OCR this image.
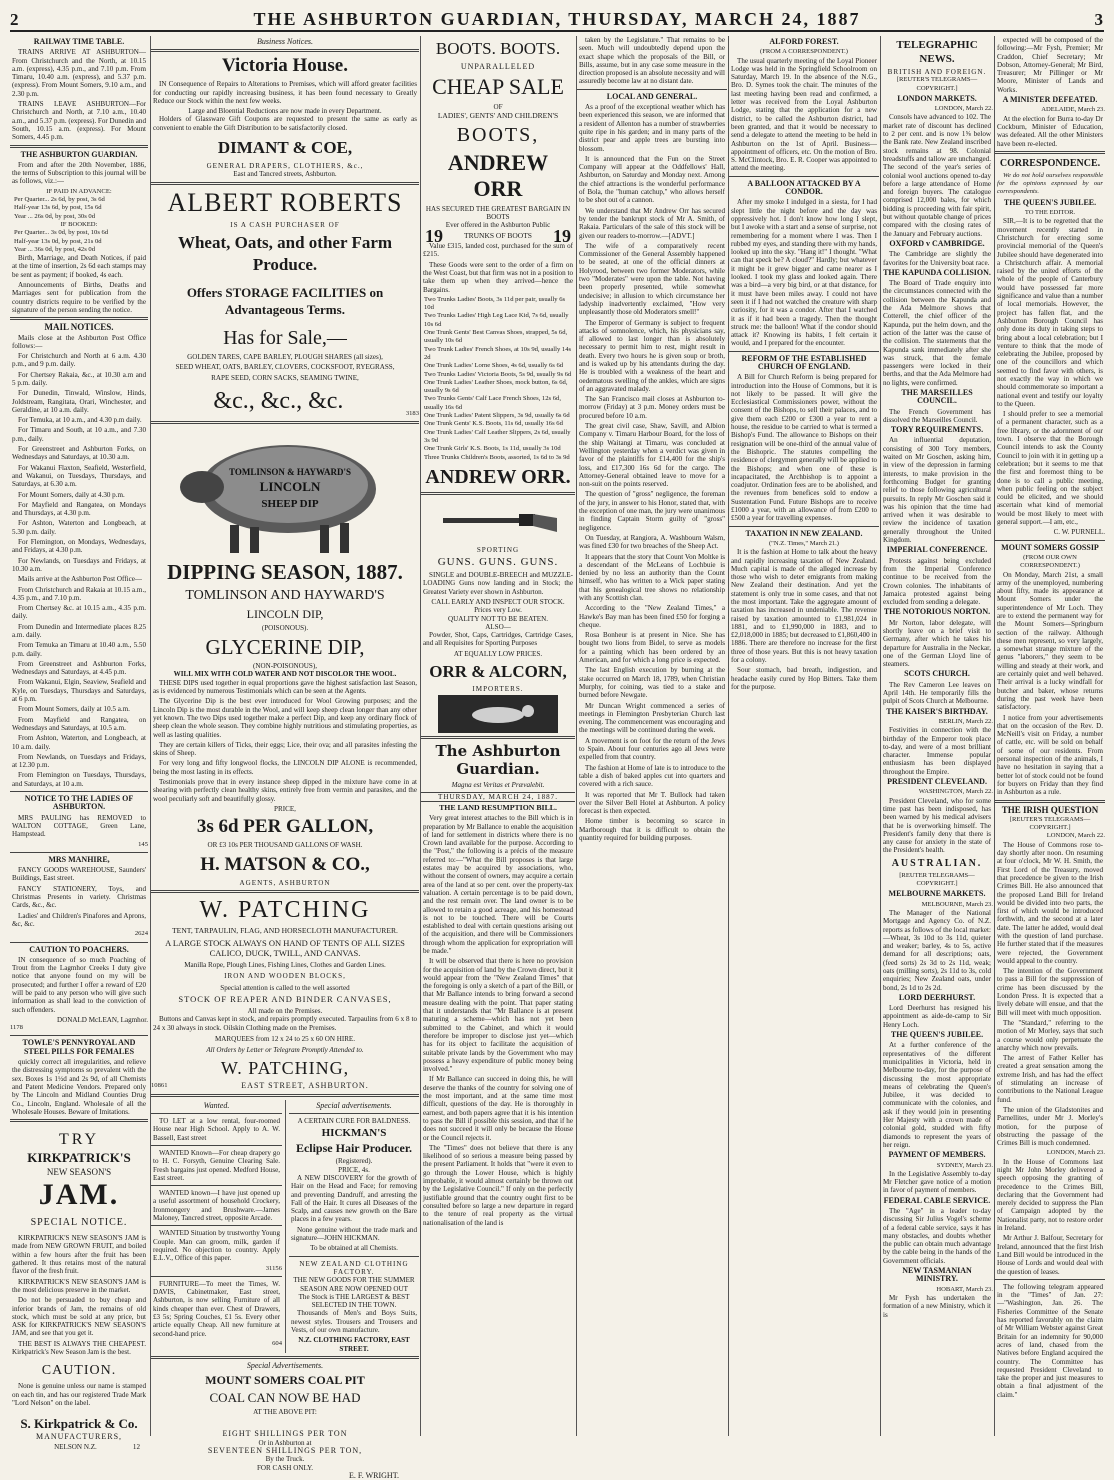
2	THE ASHBURTON GUARDIAN, THURSDAY, MARCH 24, 1887	3
RAILWAY TIME TABLE.
TRAINS ARRIVE AT ASHBURTON—From Christchurch and the North, at 10.15 a.m. (express), 4.35 p.m., and 7.10 p.m. From Timaru, 10.40 a.m. (express), and 5.37 p.m. (express). From Mount Somers, 9.10 a.m., and 2.30 p.m.
TRAINS LEAVE ASHBURTON—For Christchurch and North, at 7.10 a.m., 10.40 a.m., and 5.37 p.m. (express). For Dunedin and South, 10.15 a.m. (express). For Mount Somers, 4.45 p.m.
THE ASHBURTON GUARDIAN.
From and after the 20th November, 1886, the terms of Subscription to this journal will be as follows, viz.:—
IF PAID IN ADVANCE:
Per Quarter... 2s 6d, by post, 3s 6d
Half-year 13s 6d, by post, 15s 6d
Year ... 26s 0d, by post, 30s 0d
IF BOOKED:
Per Quarter... 3s 0d, by post, 10s 6d
Half-year 13s 0d, by post, 21s 0d
Year ... 36s 0d, by post, 42s 0d
Birth, Marriage, and Death Notices, if paid at the time of insertion, 2s 6d each stamps may be sent as payment; if booked, 4s each.
Announcements of Births, Deaths and Marriages sent for publication from the country districts require to be verified by the signature of the person sending the notice.
MAIL NOTICES.
Mails close at the Ashburton Post Office follows:—
For Christchurch and North at 6 a.m. 4.30 p.m., and 9 p.m. daily.
For Chertsey Rakaia, &c., at 10.30 a.m and 5 p.m. daily.
For Dunedin, Tinwald, Winslow, Hinds, Joldstream, Rangitata, Orari, Winchester, and Geraldine, at 10 a.m. daily.
For Temuka, at 10 a.m., and 4.30 p.m daily.
For Timaru and South, at 10 a.m., and 7.30 p.m., daily.
For Greenstreet and Ashburton Forks, on Wednesdays and Saturdays, at 10.30 a.m.
For Wakanui Flaxton, Seafield, Westerfield, and Wakanui, on Tuesdays, Thursdays, and Saturdays, at 6.30 a.m.
For Mount Somers, daily at 4.30 p.m.
For Mayfield and Rangatea, on Mondays and Thursdays, at 4.30 p.m.
For Ashton, Waterton and Longbeach, at 5.30 p.m. daily.
For Flemington, on Mondays, Wednesdays, and Fridays, at 4.30 p.m.
For Newlands, on Tuesdays and Fridays, at 10.30 a.m.
Mails arrive at the Ashburton Post Office—
From Christchurch and Rakaia at 10.15 a.m., 4.35 p.m., and 7.10 p.m.
From Chertsey &c. at 10.15 a.m., 4.35 p.m. daily.
From Dunedin and Intermediate places 8.25 a.m. daily.
From Temuka an Timaru at 10.40 a.m., 5.50 p.m. daily.
From Greenstreet and Ashburton Forks, Wednesdays and Saturdays, at 4.45 p.m.
From Wakanui, Elgin, Seaview, Seafield and Kyle, on Tuesdays, Thursdays and Saturdays, at 6 p.m.
From Mount Somers, daily at 10.5 a.m.
From Mayfield and Rangatea, on Wednesdays and Saturdays, at 10.5 a.m.
From Ashton, Waterton, and Longbeach, at 10 a.m. daily.
From Newlands, on Tuesdays and Fridays, at 12.30 p.m.
From Flemington on Tuesdays, Thursdays, and Saturdays, at 10 a.m.
NOTICE TO THE LADIES OF ASHBURTON.
MRS PAULING has REMOVED to WALTON COTTAGE, Green Lane, Hampstead.
145
MRS MANHIRE,
FANCY GOODS WAREHOUSE, Saunders' Buildings, East street.
FANCY STATIONERY, Toys, and Christmas Presents in variety. Christmas Cards, &c., &c.
Ladies' and Children's Pinafores and Aprons, &c, &c.
2624
CAUTION TO POACHERS.
IN consequence of so much Poaching of Trout from the Lagmhor Creeks I duty give notice that anyone found on my will be prosecuted; and further I offer a reward of £20 will be paid to any person who will give such information as shall lead to the conviction of such offenders.
DONALD McLEAN, Lagmhor.
1178
TOWLE'S PENNYROYAL AND STEEL PILLS FOR FEMALES
quickly correct all irregularities, and relieve the distressing symptoms so prevalent with the sex. Boxes 1s 1½d and 2s 9d, of all Chemists and Patent Medicine Vendors. Prepared only by The Lincoln and Midland Counties Drug Co., Lincoln, England. Wholesale of all the Wholesale Houses. Beware of Imitations.
TRY
KIRKPATRICK'S
NEW SEASON'S
JAM.
SPECIAL NOTICE.
KIRKPATRICK'S NEW SEASON'S JAM is made from NEW GROWN FRUIT, and boiled within a few hours after the fruit has been gathered. It thus retains most of the natural flavor of the fresh fruit.
KIRKPATRICK'S NEW SEASON'S JAM is the most delicious preserve in the market.
Do not be persuaded to buy cheap and inferior brands of Jam, the remains of old stock, which must be sold at any price, but ASK for KIRKPATRICK'S NEW SEASON'S JAM, and see that you get it.
THE BEST IS ALWAYS THE CHEAPEST. Kirkpatrick's New Season Jam is the best.
CAUTION.
None is genuine unless our name is stamped on each tin, and has our registered Trade Mark "Lord Nelson" on the label.
S. Kirkpatrick & Co.
MANUFACTURERS,
NELSON N.Z.	12
Business Notices.
Victoria House.
IN Consequence of Repairs to Alterations to Premises, which will afford greater facilities for conducting our rapidly increasing business, it has been found necessary to Greatly Reduce our Stock within the next few weeks.
Large and Bloential Reductions are now made in every Department.
Holders of Glassware Gift Coupons are requested to present the same as early as convenient to enable the Gift Distribution to be satisfactorily closed.
DIMANT & COE,
GENERAL DRAPERS, CLOTHIERS, &c.,
East and Tancred streets, Ashburton.
ALBERT ROBERTS
IS A CASH PURCHASER OF
Wheat, Oats, and other Farm Produce.
Offers STORAGE FACILITIES on Advantageous Terms.
Has for Sale,—
GOLDEN TARES, CAPE BARLEY, PLOUGH SHARES (all sizes),
SEED WHEAT, OATS, BARLEY, CLOVERS, COCKSFOOT, RYEGRASS,
RAPE SEED, CORN SACKS, SEAMING TWINE,
&c., &c., &c.	3183
TOMLINSON & HAYWARD'S
LINCOLN
SHEEP DIP
DIPPING SEASON, 1887.
TOMLINSON AND HAYWARD'S
LINCOLN DIP,
(POISONOUS).
GLYCERINE DIP,
(NON-POISONOUS),
WILL MIX WITH COLD WATER AND NOT DISCOLOR THE WOOL.
THESE DIPS used together in equal proportions gave the highest satisfaction last Season, as is evidenced by numerous Testimonials which can be seen at the Agents.
The Glycerine Dip is the best ever introduced for Wool Growing purposes; and the Lincoln Dip is the most durable in the Wool, and will keep sheep clean longer than any other yet known. The two Dips used together make a perfect Dip, and keep any ordinary flock of sheep clean the whole season. They combine highly nutritious and stimulating properties, as well as lasting qualities.
They are certain killers of Ticks, their eggs; Lice, their ova; and all parasites infesting the skins of Sheep.
For very long and fifty longwool flocks, the LINCOLN DIP ALONE is recommended, being the most lasting in its effects.
Testimonials prove that in every instance sheep dipped in the mixture have come in at shearing with perfectly clean healthy skins, entirely free from vermin and parasites, and the wool peculiarly soft and beautifully glossy.
PRICE,
3s 6d PER GALLON,
OR £3 10s PER THOUSAND GALLONS OF WASH.
H. MATSON & CO.,
AGENTS, ASHBURTON
W. PATCHING
TENT, TARPAULIN, FLAG, AND HORSECLOTH MANUFACTURER.
A LARGE STOCK ALWAYS ON HAND OF TENTS OF ALL SIZES CALICO, DUCK, TWILL, AND CANVAS.
Manilla Rope, Plough Lines, Fishing Lines, Clothes and Garden Lines.
IRON AND WOODEN BLOCKS,
Special attention is called to the well assorted
STOCK OF REAPER AND BINDER CANVASES,
All made on the Premises.
Buttons and Canvas kept in stock, and repairs promptly executed. Tarpaulins from 6 x 8 to 24 x 30 always in stock. Oilskin Clothing made on the Premises.
MARQUEES from 12 x 24 to 25 x 60 ON HIRE.
All Orders by Letter or Telegram Promptly Attended to.
W. PATCHING,
10861	EAST STREET, ASHBURTON.
Wanted.
TO LET at a low rental, four-roomed House near High School. Apply to A. W. Bassell, East street
WANTED Known—For cheap drapery go to H. C. Forsyth, Genuine Clearing Sale. Fresh bargains just opened. Medford House, East street.
WANTED known—I have just opened up a useful assortment of household Crockery, Ironmongery and Brushware.—James Maloney, Tancred street, opposite Arcade.
WANTED Situation by trustworthy Young Couple. Man can groom, milk, garden if required. No objection to country. Apply E.L.V., Office of this paper.
31156
FURNITURE—To meet the Times, W. DAVIS, Cabinetmaker, East street, Ashburton, is now selling Furniture of all kinds cheaper than ever. Chest of Drawers, £3 5s; Spring Couches, £1 5s. Every other article equally Cheap. All new furniture at second-hand price.
604
Special advertisements.
A CERTAIN CURE FOR BALDNESS.
HICKMAN'S
Eclipse Hair Producer.
(Registered).
PRICE, 4s.
A NEW DISCOVERY for the growth of Hair on the Head and Face; for removing and preventing Dandruff, and arresting the Fall of the Hair. It cures all Diseases of the Scalp, and causes new growth on the Bare places in a few years.
None genuine without the trade mark and signature—JOHN HICKMAN.
To be obtained at all Chemists.
NEW ZEALAND CLOTHING FACTORY.
THE NEW GOODS FOR THE SUMMER SEASON ARE NOW OPENED OUT
The Stock is THE LARGEST & BEST SELECTED IN THE TOWN.
Thousands of Men's and Boys Suits, newest styles. Trousers and Trousers and Vests, of our own manufacture.
N.Z. CLOTHING FACTORY, EAST STREET.
Special Advertisements.
MOUNT SOMERS COAL PIT
COAL CAN NOW BE HAD
AT THE ABOVE PIT:
EIGHT SHILLINGS PER TON
Or in Ashburton at
SEVENTEEN SHILLINGS PER TON,
By the Truck.
FOR CASH ONLY.
E. F. WRIGHT.
BOOTS. BOOTS.
UNPARALLELED
CHEAP SALE
OF
LADIES', GENTS' AND CHILDREN'S
BOOTS,
ANDREW ORR
HAS SECURED THE GREATEST BARGAIN IN BOOTS
Ever offered in the Ashburton Public
19	TRUNKS OF BOOTS 19
Value £315, landed cost, purchased for the sum of £215.
These Goods were sent to the order of a firm on the West Coast, but that firm was not in a position to take them up when they arrived—hence the Bargains.
Two Trunks Ladies' Boots, 3s 11d per pair, usually 6s 10d
Two Trunks Ladies' High Leg Lace Kid, 7s 6d, usually 10s 6d
One Trunk Gents' Best Canvas Shoes, strapped, 5s 6d, usually 10s 6d
Two Trunk Ladies' French Shoes, at 10s 9d, usually 14s 2d
One Trunk Ladies' Lorne Shoes, 4s 6d, usually 6s 6d
Two Trunks Ladies' Victoria Boots, 5s 9d, usually 9s 6d
One Trunk Ladies' Leather Shoes, mock button, 6s 6d, usually 9s 6d
Two Trunks Gents' Calf Lace French Shoes, 12s 6d, usually 16s 6d
One Trunk Ladies' Patent Slippers, 3s 9d, usually 6s 6d
One Trunk Gents' K.S. Boots, 11s 6d, usually 16s 6d
One Trunk Ladies' Calf Leather Slippers, 2s 6d, usually 3s 9d
One Trunk Girls' K.S. Boots, 1s 11d, usually 3s 10d
Three Trunks Children's Boots, assorted, 1s 6d to 3s 9d
ANDREW ORR.
SPORTING
GUNS. GUNS. GUNS.
SINGLE and DOUBLE-BREECH and MUZZLE-LOADING Guns now landing and in Stock; the Greatest Variety ever shown in Ashburton.
CALL EARLY AND INSPECT OUR STOCK.
Prices very Low.
QUALITY NOT TO BE BEATEN.
ALSO—
Powder, Shot, Caps, Cartridges, Cartridge Cases, and all Requisites for Sporting Purposes
AT EQUALLY LOW PRICES.
ORR & ALCORN,
IMPORTERS.
The Ashburton Guardian.
Magna est Veritas et Prævalebit.
THURSDAY, MARCH 24, 1887.
THE LAND RESUMPTION BILL.
Very great interest attaches to the Bill which is in preparation by Mr Ballance to enable the acquisition of land for settlement in districts where there is no Crown land available for the purpose. According to the "Post," the following is a précis of the measure referred to:—"What the Bill proposes is that large estates may be acquired by associations, who, without the consent of owners, may acquire a certain area of the land at so per cent. over the property-tax valuation. A certain percentage is to be paid down, and the rest remain over. The land owner is to be allowed to retain a good acreage, and his homestead is not to be touched. There will be Courts established to deal with certain questions arising out of the acquisition, and there will be Commissioners through whom the application for expropriation will be made."
It will be observed that there is here no provision for the acquisition of land by the Crown direct, but it would appear from the "New Zealand Times" that the foregoing is only a sketch of a part of the Bill, or that Mr Ballance intends to bring forward a second measure dealing with the point. That paper stating that it understands that "Mr Ballance is at present maturing a scheme—which has not yet been submitted to the Cabinet, and which it would therefore be improper to disclose just yet—which has for its object to facilitate the acquisition of suitable private lands by the Government who may possess a heavy expenditure of public money being involved."
If Mr Ballance can succeed in doing this, he will deserve the thanks of the country for solving one of the most important, and at the same time most difficult, questions of the day. He is thoroughly in earnest, and both papers agree that it is his intention to pass the Bill if possible this session, and that if he does not succeed it will only be because the House or the Council rejects it.
The "Times" does not believe that there is any likelihood of so serious a measure being passed by the present Parliament. It holds that "were it even to go through the Lower House, which is highly improbable, it would almost certainly be thrown out by the Legislative Council." If only on the perfectly justifiable ground that the country ought first to be consulted before so large a new departure in regard to the tenure of real property as the virtual nationalisation of the land is
taken by the Legislature." That remains to be seen. Much will undoubtedly depend upon the exact shape which the proposals of the Bill, or Bills, assume, but in any case some measure in the direction proposed is an absolute necessity and will assuredly become law at no distant date.
LOCAL AND GENERAL.
As a proof of the exceptional weather which has been experienced this season, we are informed that a resident of Allenton has a number of strawberries quite ripe in his garden; and in many parts of the district pear and apple trees are bursting into blossom.
It is announced that the Fun on the Street Company will appear at the Oddfellows' Hall, Ashburton, on Saturday and Monday next. Among the chief attractions is the wonderful performance of Bola, the "human catchup," who allows herself to be shot out of a cannon.
We understand that Mr Andrew Orr has secured by tender the bankrupt stock of Mr A. Smith, of Rakaia. Particulars of the sale of this stock will be given our readers to-morrow.—[ADVT.]
The wife of a comparatively recent Commissioner of the General Assembly happened to be seated, at one of the official dinners at Holyrood, between two former Moderators, while two "Moderates" were upon the table. Not having been properly presented, while somewhat undecisive; in allusion to which circumstance her ladyship inadvertently exclaimed, "How very unpleasantly those old Moderators smell!"
The Emperor of Germany is subject to frequent attacks of somnolence, which, his physicians say, if allowed to last longer than is absolutely necessary to permit him to rest, might result in death. Every two hours he is given soup or broth, and is waked up by his attendants during the day. He is troubled with a weakness of the heart and oedematous swelling of the ankles, which are signs of an aggravated malady.
The San Francisco mail closes at Ashburton to-morrow (Friday) at 3 p.m. Money orders must be procured before 10 a.m.
The great civil case, Shaw, Savill, and Albion Company v. Timaru Harbour Board, for the loss of the ship Waitangi at Timaru, was concluded at Wellington yesterday when a verdict was given in favor of the plaintiffs for £14,400 for the ship's loss, and £17,300 16s 6d for the cargo. The Attorney-General obtained leave to move for a non-suit on the points reserved.
The question of "gross" negligence, the foreman of the jury, in answer to his Honor, stated that, with the exception of one man, the jury were unanimous in finding Captain Storm guilty of "gross" negligence.
On Tuesday, at Rangiora, A. Washbourn Walsm, was fined £30 for two breaches of the Sheep Act.
It appears that the story that Count Von Moltke is a descendant of the McLeans of Lochbuie is denied by no less an authority than the Count himself, who has written to a Wick paper stating that his genealogical tree shows no relationship with any Scottish clan.
According to the "New Zealand Times," a Hawke's Bay man has been fined £50 for forging a cheque.
Rosa Bonheur is at present in Nice. She has bought two lions from Bidel, to serve as models for a painting which has been ordered by an American, and for which a long price is expected.
The last English execution by burning at the stake occurred on March 18, 1789, when Christian Murphy, for coining, was tied to a stake and burned before Newgate.
Mr Duncan Wright commenced a series of meetings in Flemington Presbyterian Church last evening. The commencement was encouraging and the meetings will be continued during the week.
A movement is on foot for the return of the Jews to Spain. About four centuries ago all Jews were expelled from that country.
The fashion at Home of late is to introduce to the table a dish of baked apples cut into quarters and covered with a rich sauce.
It was reported that Mr T. Bullock had taken over the Silver Bell Hotel at Ashburton. A policy forecast is then expected.
Home timber is becoming so scarce in Marlborough that it is difficult to obtain the quantity required for building purposes.
ALFORD FOREST.
(FROM A CORRESPONDENT.)
The usual quarterly meeting of the Loyal Pioneer Lodge was held in the Springfield Schoolroom on Saturday, March 19. In the absence of the N.G., Bro. D. Symes took the chair. The minutes of the last meeting having been read and confirmed, a letter was received from the Loyal Ashburton Lodge, stating that the application for a new district, to be called the Ashburton district, had been granted, and that it would be necessary to send a delegate to attend the meeting to be held in Ashburton on the 1st of April. Business—appointment of officers, etc. On the motion of Bro. S. McClintock, Bro. E. R. Cooper was appointed to attend the meeting.
A BALLOON ATTACKED BY A CONDOR.
After my smoke I indulged in a siesta, for I had slept little the night before and the day was oppressively hot. I don't know how long I slept, but I awoke with a start and a sense of surprise, not remembering for a moment where I was. Then I rubbed my eyes, and standing there with my hands, looked up into the sky. "Hang it!" I thought. "What can that speck be? A cloud?" Hardly; but whatever it might be it grew bigger and came nearer as I looked. I took my glass and looked again. There was a bird—a very big bird, or at that distance, for it must have been miles away. I could not have seen it if I had not watched the creature with sharp curiosity, for it was a condor. After that I watched it as if it had been a tragedy. Then the thought struck me: the balloon! What if the condor should attack it? Knowing its habits, I felt certain it would, and I prepared for the encounter.
REFORM OF THE ESTABLISHED CHURCH OF ENGLAND.
A Bill for Church Reform is being prepared for introduction into the House of Commons, but it is not likely to be passed. It will give the Ecclesiastical Commissioners power, without the consent of the Bishops, to sell their palaces, and to give them each £200 or £300 a year to rent a house, the residue to be carried to what is termed a Bishop's Fund. The allowance to Bishops on their resignation will be one-third of the annual value of the Bishopric. The statutes compelling the residence of clergymen generally will be applied to the Bishops; and when one of these is incapacitated, the Archbishop is to appoint a coadjutor. Ordination fees are to be abolished, and the revenues from benefices sold to endow a Sustentation Fund. Future Bishops are to receive £1000 a year, with an allowance of from £200 to £500 a year for travelling expenses.
TAXATION IN NEW ZEALAND.
("N.Z. Times," March 21.)
It is the fashion at Home to talk about the heavy and rapidly increasing taxation of New Zealand. Much capital is made of the alleged increase by those who wish to deter emigrants from making New Zealand their destination. And yet the statement is only true in some cases, and that not the most important. Take the aggregate amount of taxation has increased in undeniable. The revenue raised by taxation amounted to £1,981,024 in 1881, and to £1,990,000 in 1883, and to £2,018,000 in 1885; but decreased to £1,860,400 in 1886. There are therefore no increase for the first three of those years. But this is not heavy taxation for a colony.
Sour stomach, bad breath, indigestion, and headache easily cured by Hop Bitters. Take them for the purpose.
TELEGRAPHIC NEWS.
BRITISH AND FOREIGN.
[REUTER'S TELEGRAMS—COPYRIGHT.]
LONDON MARKETS.
LONDON, March 22.
Consols have advanced to 102. The market rate of discount has declined to 2 per cent. and is now 1⅝ below the Bank rate. New Zealand inscribed stock remains at 98. Colonial breadstuffs and tallow are unchanged. The second of the year's series of colonial wool auctions opened to-day before a large attendance of Home and foreign buyers. The catalogue comprised 12,000 bales, for which bidding is proceeding with fair spirit, but without quotable change of prices compared with the closing rates of the January and February auctions.
OXFORD v CAMBRIDGE.
The Cambridge are slightly the favorites for the University boat race.
THE KAPUNDA COLLISION.
The Board of Trade enquiry into the circumstances connected with the collision between the Kapunda and the Ada Melmore shows that Cotterell, the chief officer of the Kapunda, put the helm down, and the action of the latter was the cause of the collision. The statements that the Kapunda sank immediately after she was struck, that the female passengers were locked in their berths, and that the Ada Melmore had no lights, were confirmed.
THE MARSEILLES COUNCIL.
The French Government has dissolved the Marseilles Council.
TORY REQUIREMENTS.
An influential deputation, consisting of 300 Tory members, waited on Mr Goschen, asking him, in view of the depression in farming interests, to make provision in the forthcoming Budget for granting relief to those following agricultural pursuits. In reply Mr Goschen said it was his opinion that the time had arrived when it was desirable to review the incidence of taxation generally throughout the United Kingdom.
IMPERIAL CONFERENCE.
Protests against being excluded from the Imperial Conference continue to be received from the Crown colonies. The inhabitants of Jamaica protested against being excluded from sending a delegate.
THE NOTORIOUS NORTON.
Mr Norton, labor delegate, will shortly leave on a brief visit to Germany, after which he takes his departure for Australia in the Neckar, one of the German Lloyd line of steamers.
SCOTS CHURCH.
The Rev Cameron Lee leaves on April 14th. He temporarily fills the pulpit of Scots Church at Melbourne.
THE KAISER'S BIRTHDAY.
BERLIN, March 22.
Festivities in connection with the birthday of the Emperor took place to-day, and were of a most brilliant character. Immense popular enthusiasm has been displayed throughout the Empire.
PRESIDENT CLEVELAND.
WASHINGTON, March 22.
President Cleveland, who for some time past has been indisposed, has been warned by his medical advisers that he is overworking himself. The President's family deny that there is any cause for anxiety in the state of the President's health.
AUSTRALIAN.
[REUTER TELEGRAMS—COPYRIGHT.]
MELBOURNE MARKETS.
MELBOURNE, March 23.
The Manager of the National Mortgage and Agency Co. of N.Z. reports as follows of the local market:—Wheat, 3s 10d to 3s 11d, quieter and weaker; barley, 4s to 5s, active demand for all descriptions; oats, (feed sorts) 2s 3d to 2s 11d, weak; oats (milling sorts), 2s 11d to 3s, cold enquiries; New Zealand oats, under bond, 2s 1d to 2s 2d.
LORD DEERHURST.
Lord Deerhurst has resigned his appointment as aide-de-camp to Sir Henry Loch.
THE QUEEN'S JUBILEE.
At a further conference of the representatives of the different municipalities in Victoria, held in Melbourne to-day, for the purpose of discussing the most appropriate means of celebrating the Queen's Jubilee, it was decided to communicate with the colonies, and ask if they would join in presenting Her Majesty with a crown made of colonial gold, studded with fifty diamonds to represent the years of her reign.
PAYMENT OF MEMBERS.
SYDNEY, March 23.
In the Legislative Assembly to-day Mr Fletcher gave notice of a motion in favor of payment of members.
FEDERAL CABLE SERVICE.
The "Age" in a leader to-day discussing Sir Julius Vogel's scheme of a federal cable service, says it has many obstacles, and doubts whether the public can obtain much advantage by the cable being in the hands of the Government officials.
NEW TASMANIAN MINISTRY.
HOBART, March 23.
Mr Fysh has undertaken the formation of a new Ministry, which it is
expected will be composed of the following:—Mr Fysh, Premier; Mr Craddon, Chief Secretary; Mr Dobson, Attorney-General; Mr Bird, Treasurer; Mr Pillinger or Mr Moore, Minister of Lands and Works.
A MINISTER DEFEATED.
ADELAIDE, March 23.
At the election for Burra to-day Dr Cockburn, Minister of Education, was defeated. All the other Ministers have been re-elected.
CORRESPONDENCE.
We do not hold ourselves responsible for the opinions expressed by our correspondents.
THE QUEEN'S JUBILEE.
TO THE EDITOR.
SIR,—It is to be regretted that the movement recently started in Christchurch for erecting some provincial memorial of the Queen's Jubilee should have degenerated into a Christchurch affair. A memorial raised by the united efforts of the whole of the people of Canterbury would have possessed far more significance and value than a number of local memorials. However, the project has fallen flat, and the Ashburton Borough Council has only done its duty in taking steps to bring about a local celebration; but I venture to think that the mode of celebrating the Jubilee, proposed by one of the councillors and which seemed to find favor with others, is not exactly the way in which we should commemorate so important a national event and testify our loyalty to the Queen.
I should prefer to see a memorial of a permanent character, such as a free library, or the adornment of our town. I observe that the Borough Council intends to ask the County Council to join with it in getting up a celebration; but it seems to me that the first and foremost thing to be done is to call a public meeting, when public feeling on the subject could be elicited, and we should ascertain what kind of memorial would be most likely to meet with general support.—I am, etc.,
C. W. PURNELL.
MOUNT SOMERS GOSSIP
(FROM OUR OWN CORRESPONDENT.)
On Monday, March 21st, a small army of the unemployed, numbering about fifty, made its appearance at Mount Somers under the superintendence of Mr Loch. They are to extend the permanent way for the Mount Somers—Springburn section of the railway. Although these men represent, so very largely, a somewhat strange mixture of the genus "laborers," they seem to be willing and steady at their work, and are certainly quiet and well behaved. Their arrival is a lucky windfall for butcher and baker, whose returns during the past week have been satisfactory.
I notice from your advertisements that on the occasion of the Rev. D. McNeill's visit on Friday, a number of cattle, etc. will be sold on behalf of some of our residents. From personal inspection of the animals, I have no hesitation in saying that a better lot of stock could not be found for buyers on Friday than they find in Ashburton as a rule.
THE IRISH QUESTION
[REUTER'S TELEGRAMS—COPYRIGHT.]
LONDON, March 22.
The House of Commons rose to-day shortly after noon. On resuming at four o'clock, Mr W. H. Smith, the First Lord of the Treasury, moved that precedence be given to the Irish Crimes Bill. He also announced that the proposed Land Bill for Ireland would be divided into two parts, the first of which would be introduced forthwith, and the second at a later date. The latter he added, would deal with the question of land purchase. He further stated that if the measures were rejected, the Government would appeal to the country.
The intention of the Government to pass a Bill for the suppression of crime has been discussed by the London Press. It is expected that a lively debate will ensue, and that the Bill will meet with much opposition.
The "Standard," referring to the motion of Mr Morley, says that such a course would only perpetuate the anarchy which now prevails.
The arrest of Father Keller has created a great sensation among the extreme Irish, and has had the effect of stimulating an increase of contributions to the National League fund.
The union of the Gladstonites and Parnellites, under Mr J. Morley's motion, for the purpose of obstructing the passage of the Crimes Bill is much condemned.
LONDON, March 23.
In the House of Commons last night Mr John Morley delivered a speech opposing the granting of precedence to the Crimes Bill, declaring that the Government had merely decided to suppress the Plan of Campaign adopted by the Nationalist party, not to restore order in Ireland.
Mr Arthur J. Balfour, Secretary for Ireland, announced that the first Irish Land Bill would be introduced in the House of Lords and would deal with the question of leases.
The following telegram appeared in the "Times" of Jan. 27:—"Washington, Jan. 26. The Fisheries Committee of the Senate has reported favorably on the claim of Mr William Webster against Great Britain for an indemnity for 90,000 acres of land, chased from the Natives before England acquired the country. The Committee has requested President Cleveland to take the proper and just measures to obtain a final adjustment of the claim."
